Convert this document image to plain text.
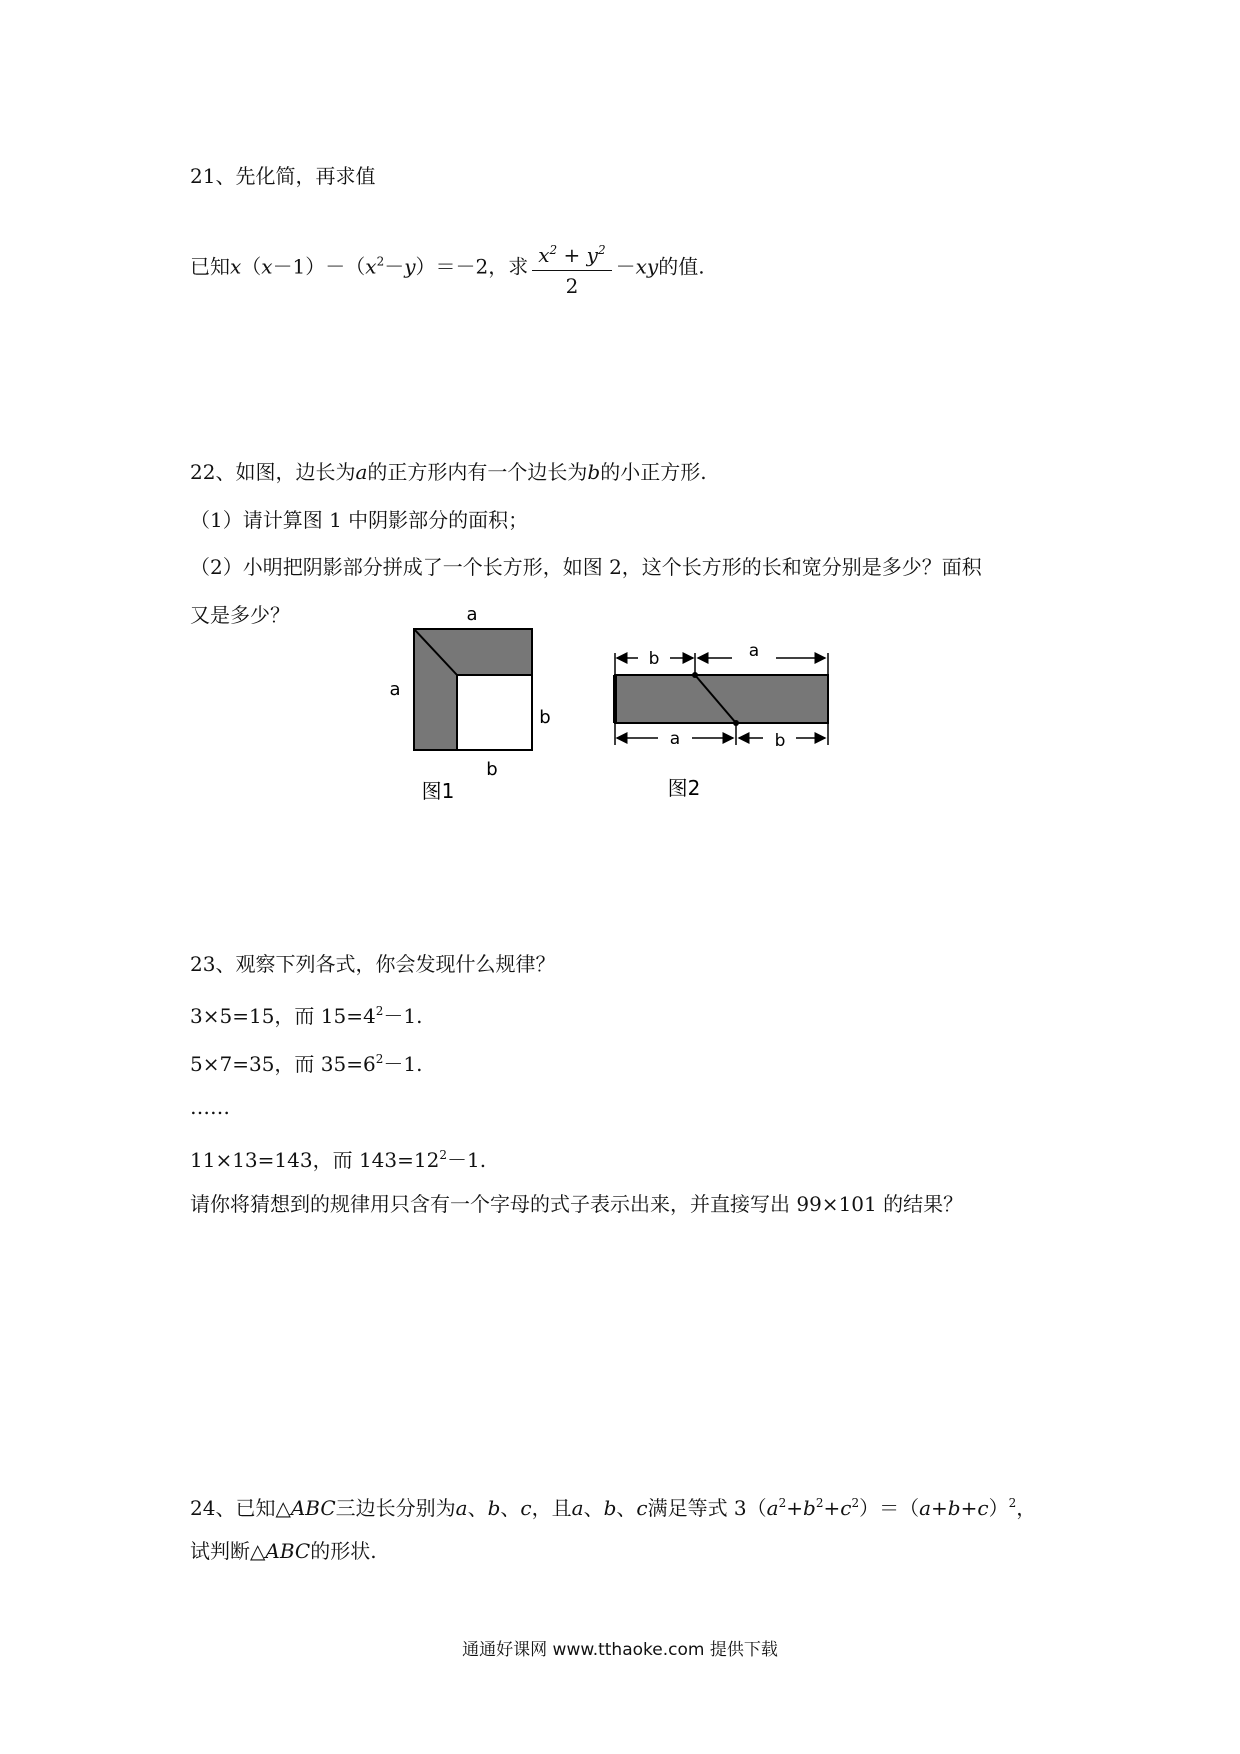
21、先化简，再求值
已知$x(x-1)-(x^2-y)=-2$，求 $\frac{x^2 + y^2}{2} -xy$的值.
22、如图，边长为a的正方形内有一个边长为b的小正方形.
（1）请计算图 1 中阴影部分的面积；
（2）小明把阴影部分拼成了一个长方形，如图 2，这个长方形的长和宽分别是多少？面积
又是多少？	a
a
b
b
图1
b	a
a	b
图2
23、观察下列各式，你会发现什么规律？
3×5=15，而 $15=4^2-1$.
5×7=35，而 $35=6^2-1$.
……
11×13=143，而 $143=12^2-1$.
请你将猜想到的规律用只含有一个字母的式子表示出来，并直接写出 99×101 的结果？
24、已知△ABC三边长分别为a、b、c，且a、b、c满足等式 $3(a^2+b^2+c^2)=(a+b+c)^2$，
试判断△ABC的形状.
通通好课网 www.tthaoke.com 提供下载
